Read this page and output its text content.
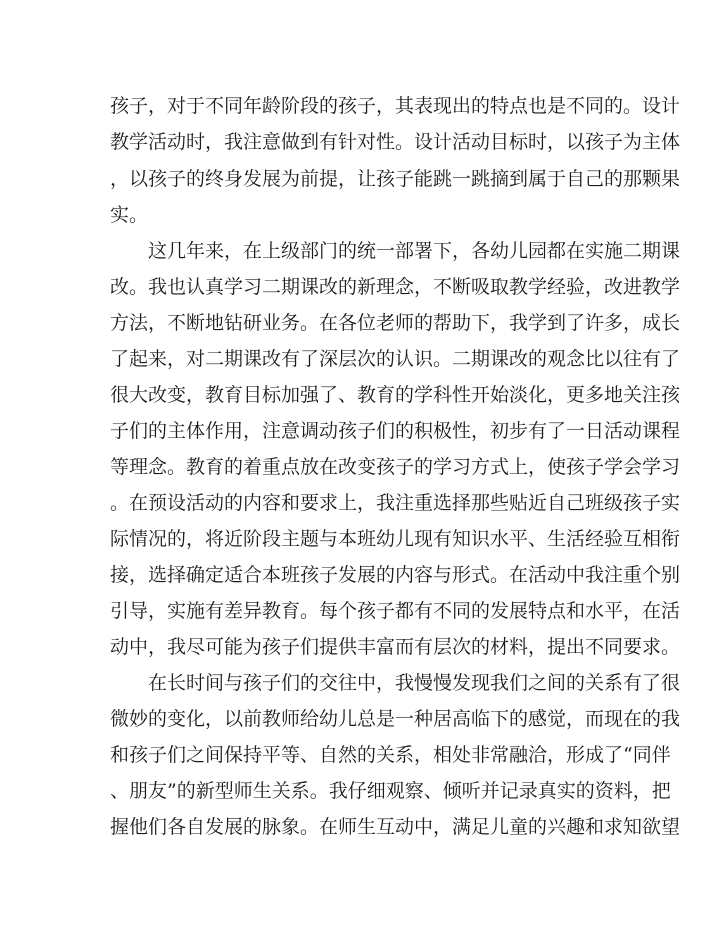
孩子，对于不同年龄阶段的孩子，其表现出的特点也是不同的。设计
教学活动时，我注意做到有针对性。设计活动目标时，以孩子为主体
，以孩子的终身发展为前提，让孩子能跳一跳摘到属于自己的那颗果
实。
这几年来，在上级部门的统一部署下，各幼儿园都在实施二期课
改。我也认真学习二期课改的新理念，不断吸取教学经验，改进教学
方法，不断地钻研业务。在各位老师的帮助下，我学到了许多，成长
了起来，对二期课改有了深层次的认识。二期课改的观念比以往有了
很大改变，教育目标加强了、教育的学科性开始淡化，更多地关注孩
子们的主体作用，注意调动孩子们的积极性，初步有了一日活动课程
等理念。教育的着重点放在改变孩子的学习方式上，使孩子学会学习
。在预设活动的内容和要求上，我注重选择那些贴近自己班级孩子实
际情况的，将近阶段主题与本班幼儿现有知识水平、生活经验互相衔
接，选择确定适合本班孩子发展的内容与形式。在活动中我注重个别
引导，实施有差异教育。每个孩子都有不同的发展特点和水平，在活
动中，我尽可能为孩子们提供丰富而有层次的材料，提出不同要求。
在长时间与孩子们的交往中，我慢慢发现我们之间的关系有了很
微妙的变化，以前教师给幼儿总是一种居高临下的感觉，而现在的我
和孩子们之间保持平等、自然的关系，相处非常融洽，形成了“同伴
、朋友”的新型师生关系。我仔细观察、倾听并记录真实的资料，把
握他们各自发展的脉象。在师生互动中，满足儿童的兴趣和求知欲望
